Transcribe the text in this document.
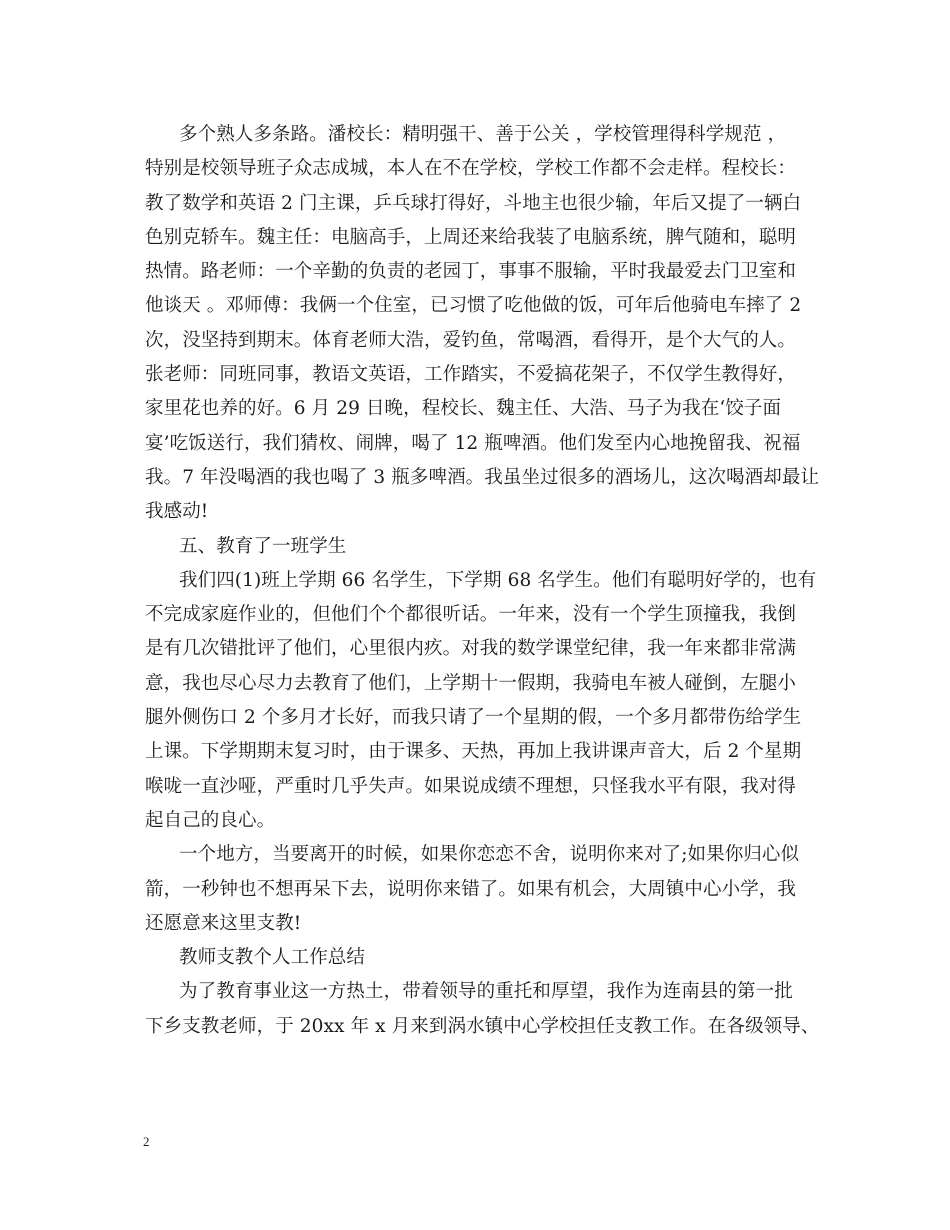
多个熟人多条路。潘校长：精明强干、善于公关 ，学校管理得科学规范 ，
特别是校领导班子众志成城，本人在不在学校，学校工作都不会走样。程校长：
教了数学和英语 2 门主课，乒乓球打得好，斗地主也很少输，年后又提了一辆白
色别克轿车。魏主任：电脑高手，上周还来给我装了电脑系统，脾气随和，聪明
热情。路老师：一个辛勤的负责的老园丁，事事不服输，平时我最爱去门卫室和
他谈天 。邓师傅：我俩一个住室，已习惯了吃他做的饭，可年后他骑电车摔了 2
次，没坚持到期末。体育老师大浩，爱钓鱼，常喝酒，看得开，是个大气的人。
张老师：同班同事，教语文英语，工作踏实，不爱搞花架子，不仅学生教得好，
家里花也养的好。6 月 29 日晚，程校长、魏主任、大浩、马子为我在‘饺子面
宴’吃饭送行，我们猜枚、闹牌，喝了 12 瓶啤酒。他们发至内心地挽留我、祝福
我。7 年没喝酒的我也喝了 3 瓶多啤酒。我虽坐过很多的酒场儿，这次喝酒却最让
我感动!
五、教育了一班学生
我们四(1)班上学期 66 名学生，下学期 68 名学生。他们有聪明好学的，也有
不完成家庭作业的，但他们个个都很听话。一年来，没有一个学生顶撞我，我倒
是有几次错批评了他们，心里很内疚。对我的数学课堂纪律，我一年来都非常满
意，我也尽心尽力去教育了他们，上学期十一假期，我骑电车被人碰倒，左腿小
腿外侧伤口 2 个多月才长好，而我只请了一个星期的假，一个多月都带伤给学生
上课。下学期期末复习时，由于课多、天热，再加上我讲课声音大，后 2 个星期
喉咙一直沙哑，严重时几乎失声。如果说成绩不理想，只怪我水平有限，我对得
起自己的良心。
一个地方，当要离开的时候，如果你恋恋不舍，说明你来对了;如果你归心似
箭，一秒钟也不想再呆下去，说明你来错了。如果有机会，大周镇中心小学，我
还愿意来这里支教!
教师支教个人工作总结
为了教育事业这一方热土，带着领导的重托和厚望，我作为连南县的第一批
下乡支教老师，于 20xx 年 x 月来到涡水镇中心学校担任支教工作。在各级领导、
2
